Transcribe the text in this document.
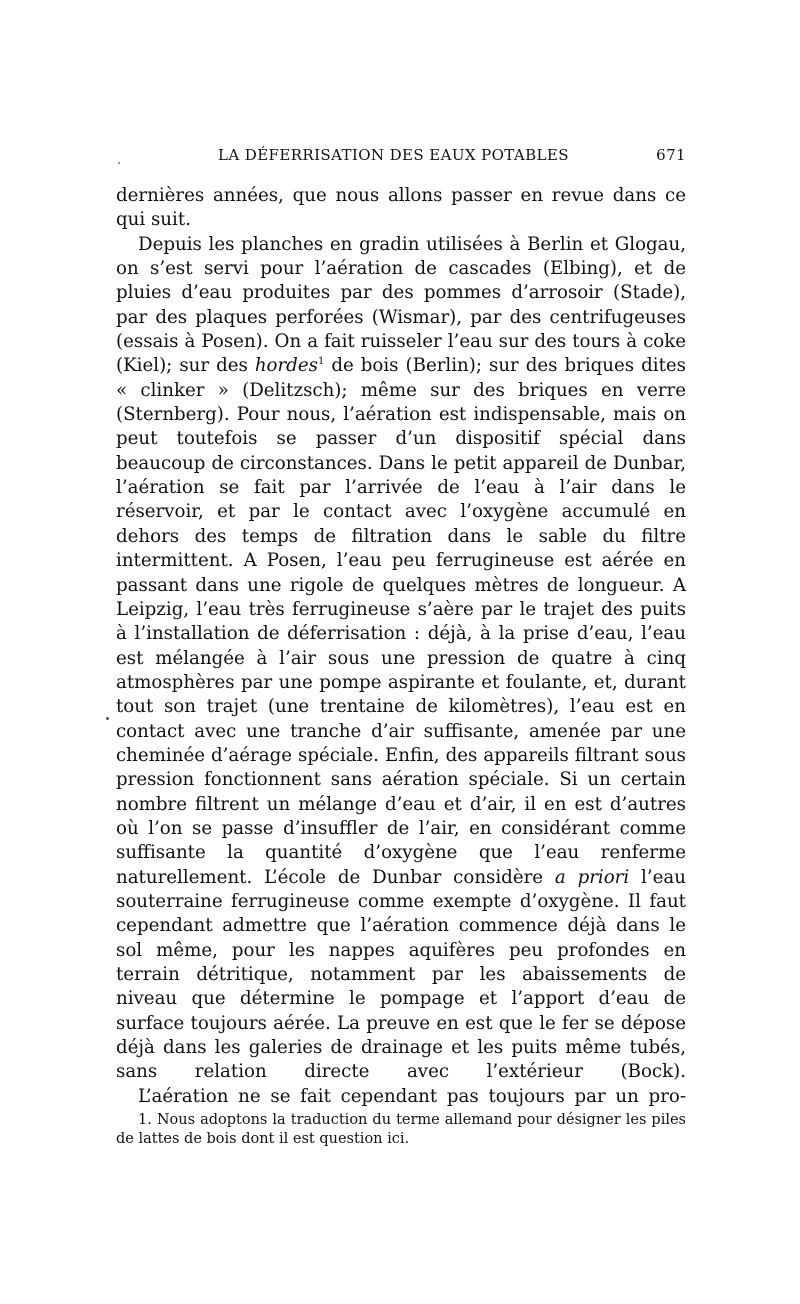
LA DÉFERRISATION DES EAUX POTABLES	671

dernières années, que nous allons passer en revue dans ce qui suit.

Depuis les planches en gradin utilisées à Berlin et Glogau, on s’est servi pour l’aération de cascades (Elbing), et de pluies d’eau produites par des pommes d’arrosoir (Stade), par des plaques perforées (Wismar), par des centrifugeuses (essais à Posen). On a fait ruisseler l’eau sur des tours à coke (Kiel); sur des hordes$^1$ de bois (Berlin); sur des briques dites « clinker » (Delitzsch); même sur des briques en verre (Sternberg). Pour nous, l’aération est indispensable, mais on peut toutefois se passer d’un dispositif spécial dans beaucoup de circonstances. Dans le petit appareil de Dunbar, l’aération se fait par l’arrivée de l’eau à l’air dans le réservoir, et par le contact avec l’oxygène accumulé en dehors des temps de filtration dans le sable du filtre intermittent. A Posen, l’eau peu ferrugineuse est aérée en passant dans une rigole de quelques mètres de longueur. A Leipzig, l’eau très ferrugineuse s’aère par le trajet des puits à l’installation de déferrisation : déjà, à la prise d’eau, l’eau est mélangée à l’air sous une pression de quatre à cinq atmosphères par une pompe aspirante et foulante, et, durant tout son trajet (une trentaine de kilomètres), l’eau est en contact avec une tranche d’air suffisante, amenée par une cheminée d’aérage spéciale. Enfin, des appareils filtrant sous pression fonctionnent sans aération spéciale. Si un certain nombre filtrent un mélange d’eau et d’air, il en est d’autres où l’on se passe d’insuffler de l’air, en considérant comme suffisante la quantité d’oxygène que l’eau renferme naturellement. L’école de Dunbar considère a priori l’eau souterraine ferrugineuse comme exempte d’oxygène. Il faut cependant admettre que l’aération commence déjà dans le sol même, pour les nappes aquifères peu profondes en terrain détritique, notamment par les abaissements de niveau que détermine le pompage et l’apport d’eau de surface toujours aérée. La preuve en est que le fer se dépose déjà dans les galeries de drainage et les puits même tubés, sans relation directe avec l’extérieur (Bock).

L’aération ne se fait cependant pas toujours par un pro-

1. Nous adoptons la traduction du terme allemand pour désigner les piles de lattes de bois dont il est question ici.
